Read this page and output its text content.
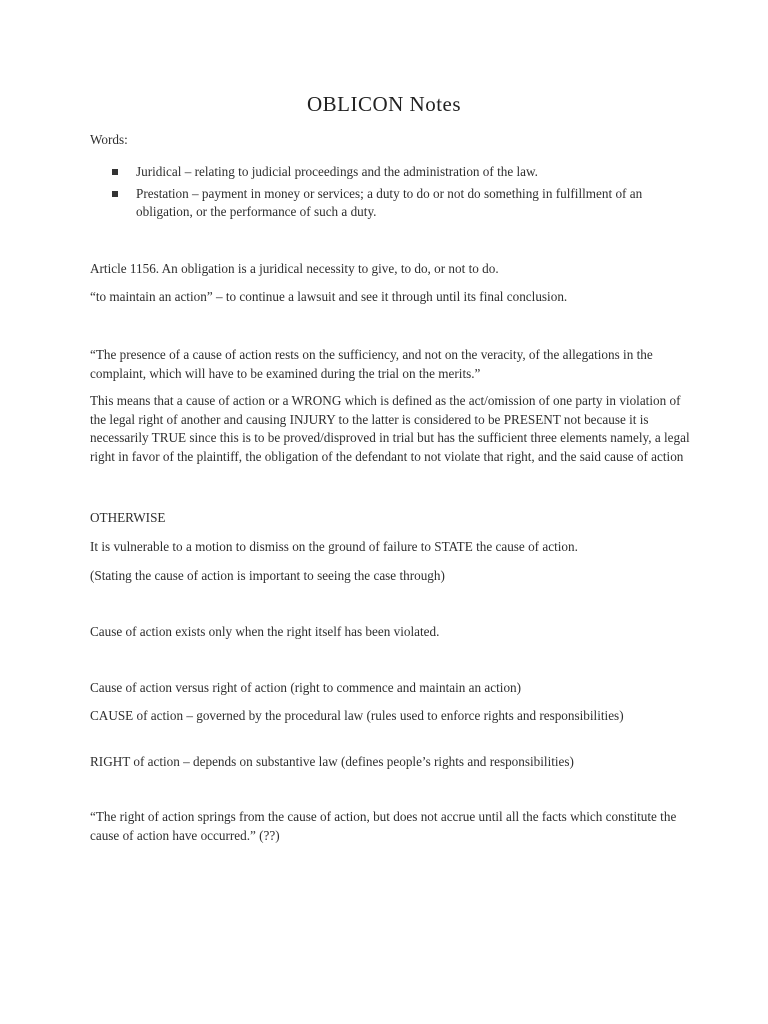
OBLICON Notes
Words:
Juridical – relating to judicial proceedings and the administration of the law.
Prestation – payment in money or services; a duty to do or not do something in fulfillment of an obligation, or the performance of such a duty.
Article 1156. An obligation is a juridical necessity to give, to do, or not to do.
“to maintain an action” – to continue a lawsuit and see it through until its final conclusion.
“The presence of a cause of action rests on the sufficiency, and not on the veracity, of the allegations in the complaint, which will have to be examined during the trial on the merits.”
This means that a cause of action or a WRONG which is defined as the act/omission of one party in violation of the legal right of another and causing INJURY to the latter is considered to be PRESENT not because it is necessarily TRUE since this is to be proved/disproved in trial but has the sufficient three elements namely, a legal right in favor of the plaintiff, the obligation of the defendant to not violate that right, and the said cause of action
OTHERWISE
It is vulnerable to a motion to dismiss on the ground of failure to STATE the cause of action.
(Stating the cause of action is important to seeing the case through)
Cause of action exists only when the right itself has been violated.
Cause of action versus right of action (right to commence and maintain an action)
CAUSE of action – governed by the procedural law (rules used to enforce rights and responsibilities)
RIGHT of action – depends on substantive law (defines people’s rights and responsibilities)
“The right of action springs from the cause of action, but does not accrue until all the facts which constitute the cause of action have occurred.” (??)
